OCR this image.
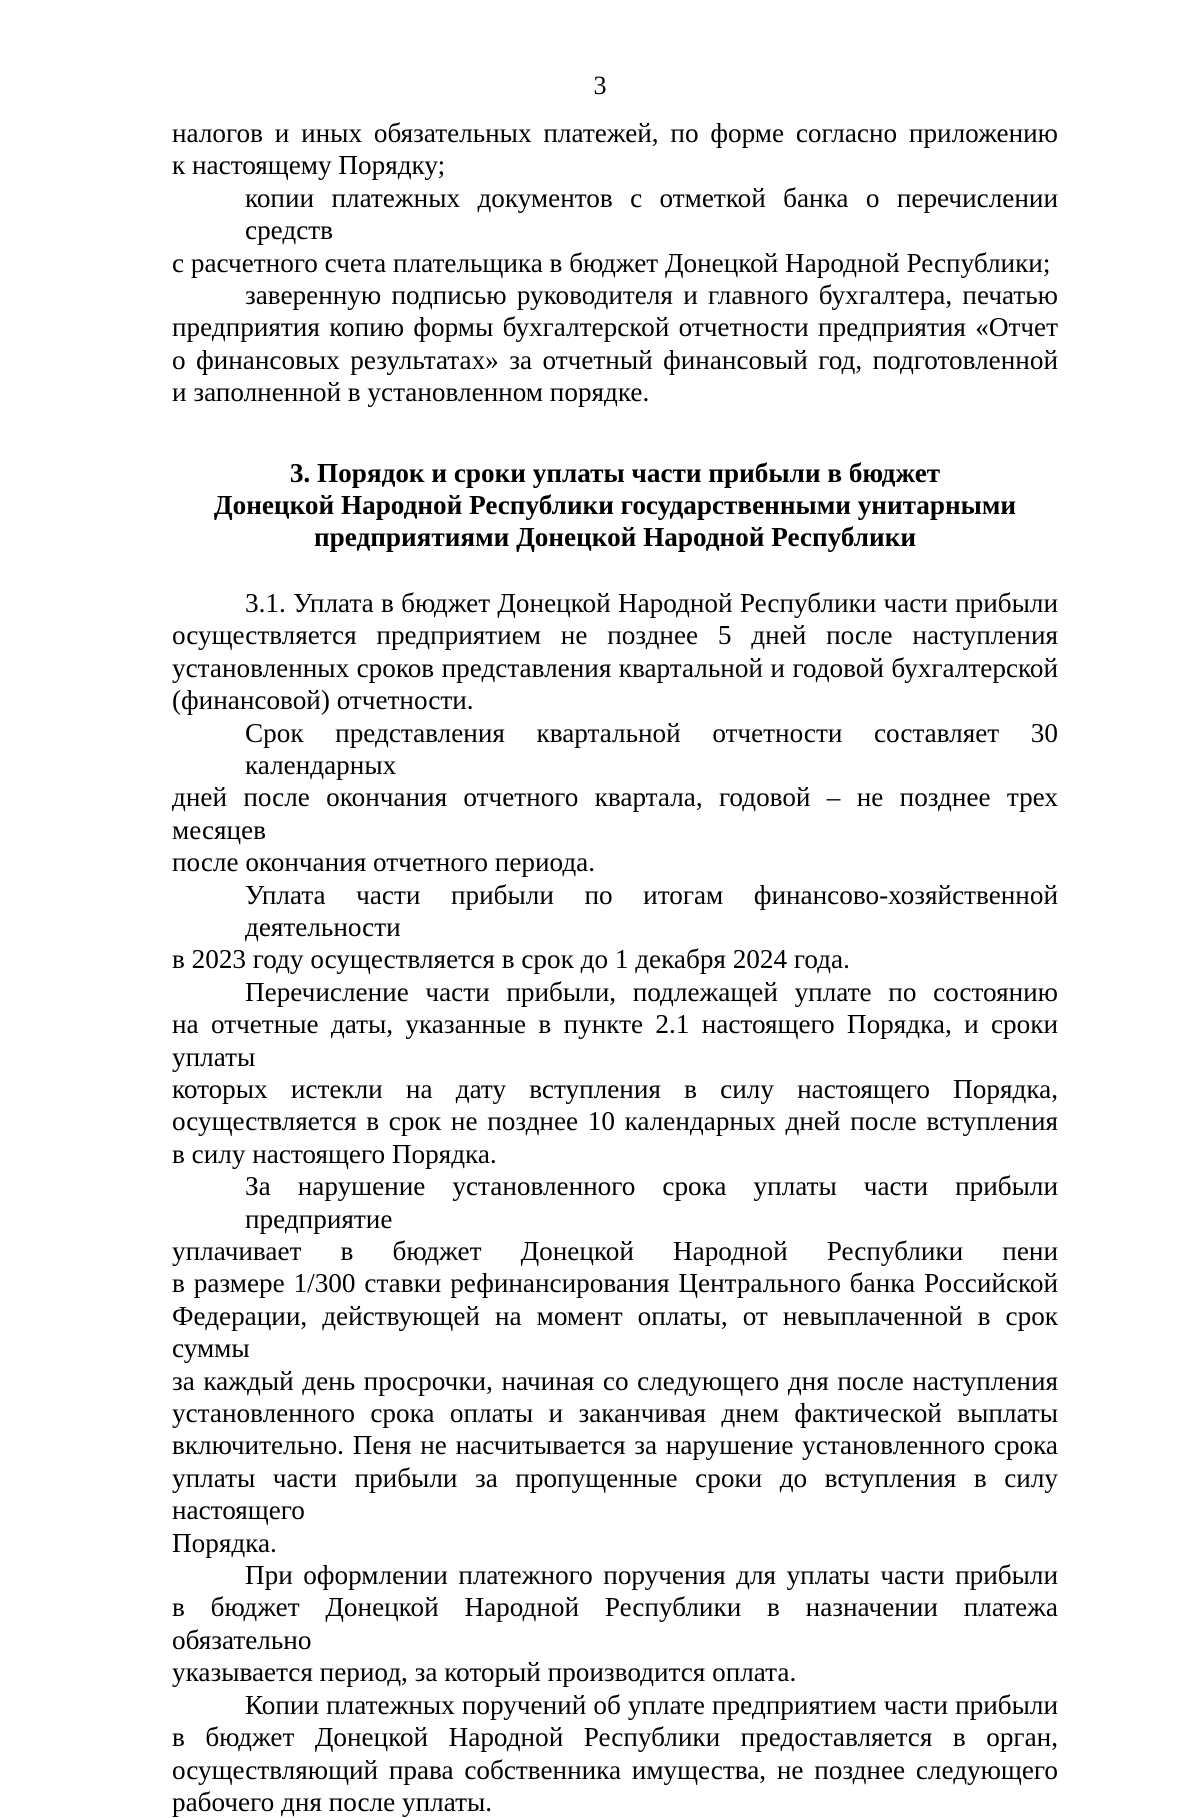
3
налогов и иных обязательных платежей, по форме согласно приложению
к настоящему Порядку;
копии платежных документов с отметкой банка о перечислении средств
с расчетного счета плательщика в бюджет Донецкой Народной Республики;
заверенную подписью руководителя и главного бухгалтера, печатью
предприятия копию формы бухгалтерской отчетности предприятия «Отчет
о финансовых результатах» за отчетный финансовый год, подготовленной
и заполненной в установленном порядке.
3. Порядок и сроки уплаты части прибыли в бюджет
Донецкой Народной Республики государственными унитарными
предприятиями Донецкой Народной Республики
3.1. Уплата в бюджет Донецкой Народной Республики части прибыли
осуществляется предприятием не позднее 5 дней после наступления
установленных сроков представления квартальной и годовой бухгалтерской
(финансовой) отчетности.
Срок представления квартальной отчетности составляет 30 календарных
дней после окончания отчетного квартала, годовой – не позднее трех месяцев
после окончания отчетного периода.
Уплата части прибыли по итогам финансово-хозяйственной деятельности
в 2023 году осуществляется в срок до 1 декабря 2024 года.
Перечисление части прибыли, подлежащей уплате по состоянию
на отчетные даты, указанные в пункте 2.1 настоящего Порядка, и сроки уплаты
которых истекли на дату вступления в силу настоящего Порядка,
осуществляется в срок не позднее 10 календарных дней после вступления
в силу настоящего Порядка.
За нарушение установленного срока уплаты части прибыли предприятие
уплачивает в бюджет Донецкой Народной Республики пени
в размере 1/300 ставки рефинансирования Центрального банка Российской
Федерации, действующей на момент оплаты, от невыплаченной в срок суммы
за каждый день просрочки, начиная со следующего дня после наступления
установленного срока оплаты и заканчивая днем фактической выплаты
включительно. Пеня не насчитывается за нарушение установленного срока
уплаты части прибыли за пропущенные сроки до вступления в силу настоящего
Порядка.
При оформлении платежного поручения для уплаты части прибыли
в бюджет Донецкой Народной Республики в назначении платежа обязательно
указывается период, за который производится оплата.
Копии платежных поручений об уплате предприятием части прибыли
в бюджет Донецкой Народной Республики предоставляется в орган,
осуществляющий права собственника имущества, не позднее следующего
рабочего дня после уплаты.
